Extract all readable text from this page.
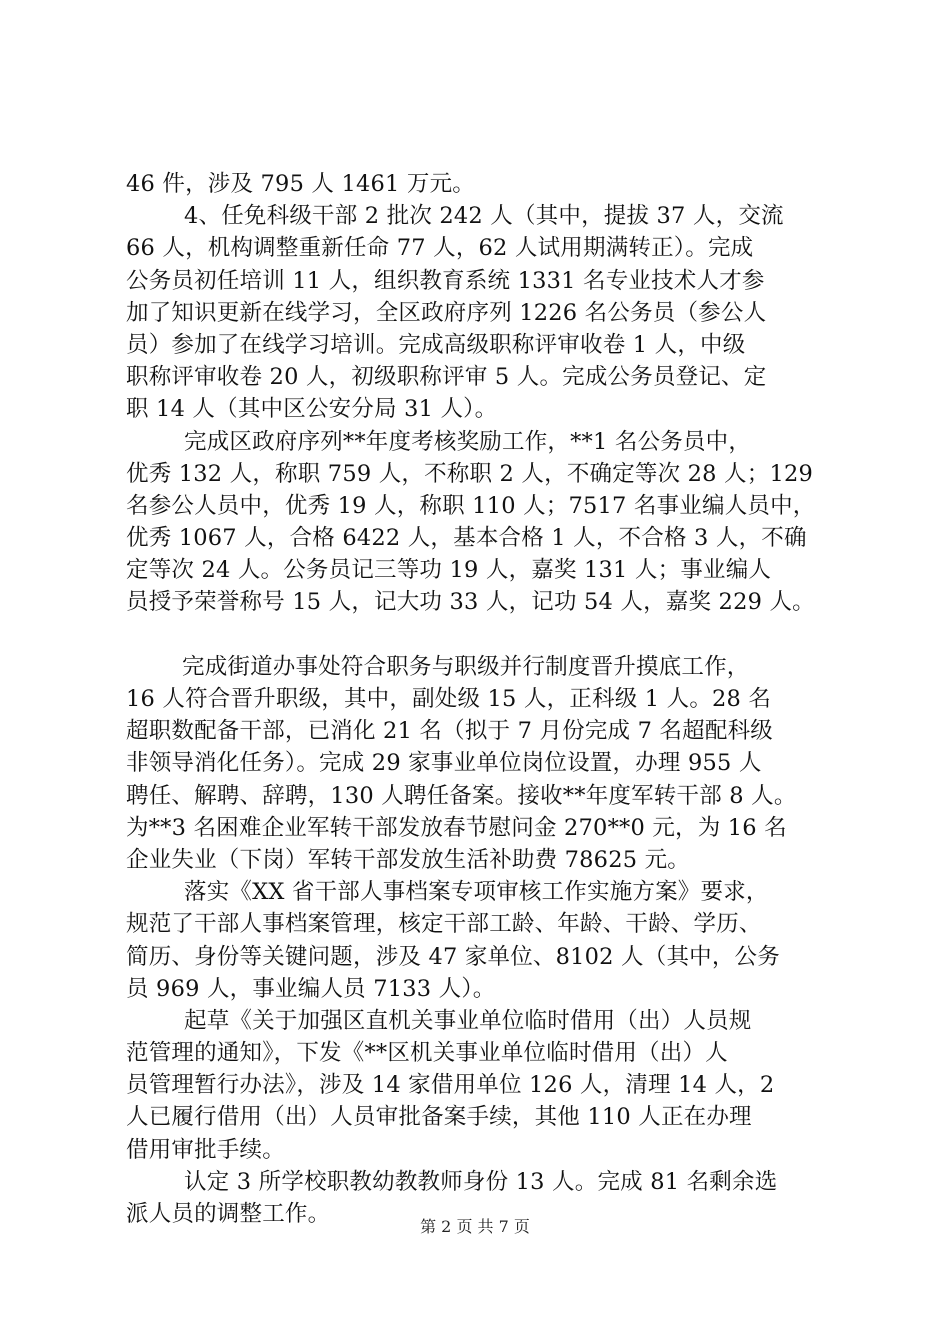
46 件，涉及 795 人 1461 万元。
4、任免科级干部 2 批次 242 人（其中，提拔 37 人，交流
66 人，机构调整重新任命 77 人，62 人试用期满转正）。完成
公务员初任培训 11 人，组织教育系统 1331 名专业技术人才参
加了知识更新在线学习，全区政府序列 1226 名公务员（参公人
员）参加了在线学习培训。完成高级职称评审收卷 1 人，中级
职称评审收卷 20 人，初级职称评审 5 人。完成公务员登记、定
职 14 人（其中区公安分局 31 人）。
完成区政府序列**年度考核奖励工作，**1 名公务员中，
优秀 132 人，称职 759 人，不称职 2 人，不确定等次 28 人；129
名参公人员中，优秀 19 人，称职 110 人；7517 名事业编人员中，
优秀 1067 人，合格 6422 人，基本合格 1 人，不合格 3 人，不确
定等次 24 人。公务员记三等功 19 人，嘉奖 131 人；事业编人
员授予荣誉称号 15 人，记大功 33 人，记功 54 人，嘉奖 229 人。
完成街道办事处符合职务与职级并行制度晋升摸底工作，
16 人符合晋升职级，其中，副处级 15 人，正科级 1 人。28 名
超职数配备干部，已消化 21 名（拟于 7 月份完成 7 名超配科级
非领导消化任务）。完成 29 家事业单位岗位设置，办理 955 人
聘任、解聘、辞聘，130 人聘任备案。接收**年度军转干部 8 人。
为**3 名困难企业军转干部发放春节慰问金 270**0 元，为 16 名
企业失业（下岗）军转干部发放生活补助费 78625 元。
落实《XX 省干部人事档案专项审核工作实施方案》要求，
规范了干部人事档案管理，核定干部工龄、年龄、干龄、学历、
简历、身份等关键问题，涉及 47 家单位、8102 人（其中，公务
员 969 人，事业编人员 7133 人）。
起草《关于加强区直机关事业单位临时借用（出）人员规
范管理的通知》，下发《**区机关事业单位临时借用（出）人
员管理暂行办法》，涉及 14 家借用单位 126 人，清理 14 人，2
人已履行借用（出）人员审批备案手续，其他 110 人正在办理
借用审批手续。
认定 3 所学校职教幼教教师身份 13 人。完成 81 名剩余选
派人员的调整工作。	第 2 页 共 7 页
